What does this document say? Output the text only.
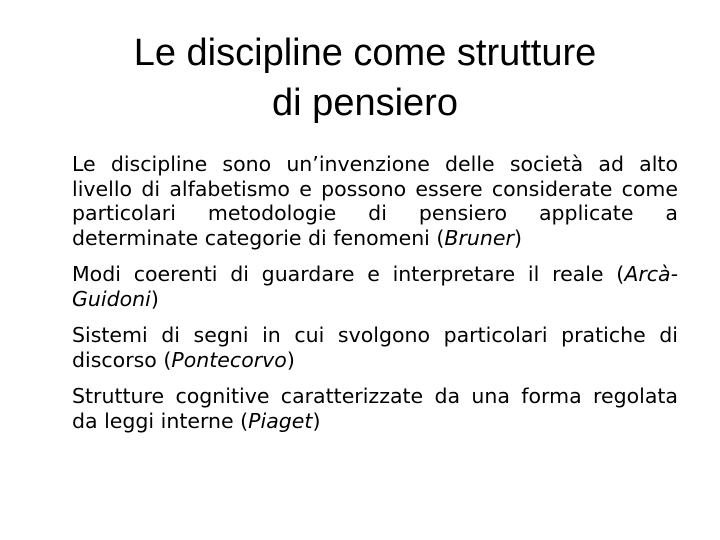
Le discipline come strutture
di pensiero

Le discipline sono un’invenzione delle società ad alto livello di alfabetismo e possono essere considerate come particolari metodologie di pensiero applicate a determinate categorie di fenomeni (Bruner)

Modi coerenti di guardare e interpretare il reale (Arcà-Guidoni)

Sistemi di segni in cui svolgono particolari pratiche di discorso (Pontecorvo)

Strutture cognitive caratterizzate da una forma regolata da leggi interne (Piaget)
